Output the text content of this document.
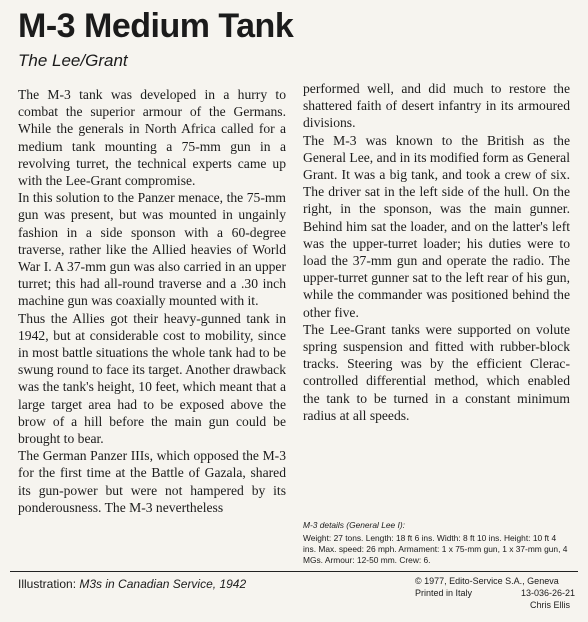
M-3 Medium Tank
The Lee/Grant

The M-3 tank was developed in a hurry to combat the superior armour of the Germans. While the generals in North Africa called for a medium tank mounting a 75-mm gun in a revolving turret, the technical experts came up with the Lee-Grant compromise.

In this solution to the Panzer menace, the 75-mm gun was present, but was mounted in ungainly fashion in a side sponson with a 60-degree traverse, rather like the Allied heavies of World War I. A 37-mm gun was also carried in an upper turret; this had all-round traverse and a .30 inch machine gun was coaxially mounted with it.

Thus the Allies got their heavy-gunned tank in 1942, but at considerable cost to mobility, since in most battle situations the whole tank had to be swung round to face its target. Another drawback was the tank's height, 10 feet, which meant that a large target area had to be exposed above the brow of a hill before the main gun could be brought to bear.

The German Panzer IIIs, which opposed the M-3 for the first time at the Battle of Gazala, shared its gun-power but were not hampered by its ponderousness. The M-3 nevertheless

performed well, and did much to restore the shattered faith of desert infantry in its armoured divisions.

The M-3 was known to the British as the General Lee, and in its modified form as General Grant. It was a big tank, and took a crew of six. The driver sat in the left side of the hull. On the right, in the sponson, was the main gunner. Behind him sat the loader, and on the latter's left was the upper-turret loader; his duties were to load the 37-mm gun and operate the radio. The upper-turret gunner sat to the left rear of his gun, while the commander was positioned behind the other five.

The Lee-Grant tanks were supported on volute spring suspension and fitted with rubber-block tracks. Steering was by the efficient Clerac-controlled differential method, which enabled the tank to be turned in a constant minimum radius at all speeds.

M-3 details (General Lee I):
Weight: 27 tons. Length: 18 ft 6 ins. Width: 8 ft 10 ins. Height: 10 ft 4 ins. Max. speed: 26 mph. Armament: 1 x 75-mm gun, 1 x 37-mm gun, 4 MGs. Armour: 12-50 mm. Crew: 6.
Illustration: M3s in Canadian Service, 1942	© 1977, Edito-Service S.A., Geneva
Printed in Italy	13-036-26-21
Chris Ellis
